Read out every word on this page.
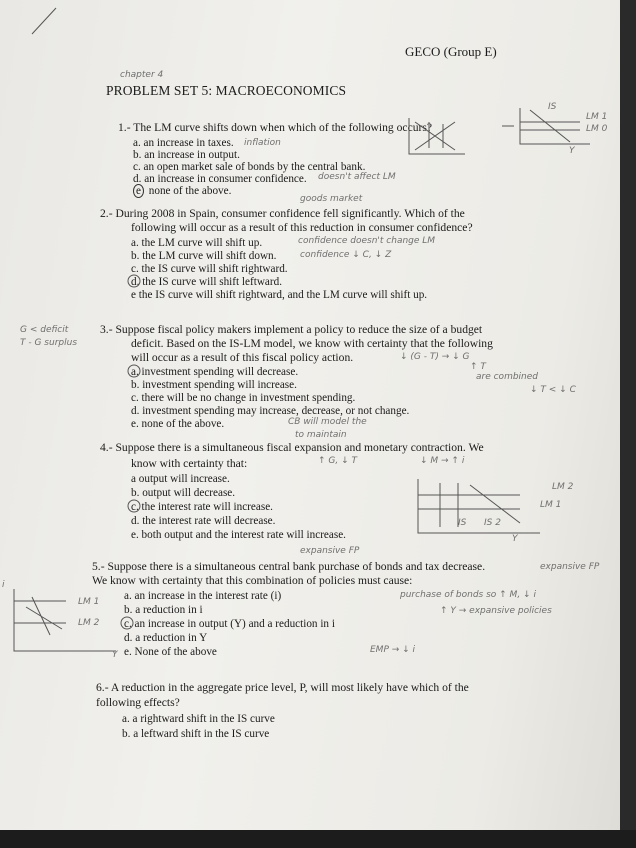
GECO (Group E)
chapter 4
PROBLEM SET 5: MACROECONOMICS
1.- The LM curve shifts down when which of the following occurs?
a. an increase in taxes.
b. an increase in output.
c. an open market sale of bonds by the central bank.
d. an increase in consumer confidence.
e none of the above.
inflation
doesn't affect LM
LM 1
LM 0
IS
Y
goods market
2.- During 2008 in Spain, consumer confidence fell significantly. Which of the
following will occur as a result of this reduction in consumer confidence?
a. the LM curve will shift up.
b. the LM curve will shift down.
c. the IS curve will shift rightward.
d. the IS curve will shift leftward.
e the IS curve will shift rightward, and the LM curve will shift up.
confidence doesn't change LM
confidence ↓ C, ↓ Z
G < deficit
T - G surplus
3.- Suppose fiscal policy makers implement a policy to reduce the size of a budget
deficit. Based on the IS-LM model, we know with certainty that the following
will occur as a result of this fiscal policy action.
a. investment spending will decrease.
b. investment spending will increase.
c. there will be no change in investment spending.
d. investment spending may increase, decrease, or not change.
e. none of the above.
↓ (G - T) → ↓ G
↑ T
are combined
↓ T < ↓ C
CB will model the
to maintain
4.- Suppose there is a simultaneous fiscal expansion and monetary contraction. We
↑ G, ↓ T	↓ M → ↑ i
know with certainty that:
a output will increase.
b. output will decrease.
c. the interest rate will increase.
d. the interest rate will decrease.
e. both output and the interest rate will increase.
LM 2
LM 1
IS IS 2
Y
expansive FP
5.- Suppose there is a simultaneous central bank purchase of bonds and tax decrease.	expansive FP
We know with certainty that this combination of policies must cause:
a. an increase in the interest rate (i)
b. a reduction in i
c. an increase in output (Y) and a reduction in i
d. a reduction in Y
e. None of the above
purchase of bonds so ↑ M, ↓ i
↑ Y → expansive policies
EMP → ↓ i
LM 1
LM 2
i
Y
6.- A reduction in the aggregate price level, P, will most likely have which of the
following effects?
a. a rightward shift in the IS curve
b. a leftward shift in the IS curve
